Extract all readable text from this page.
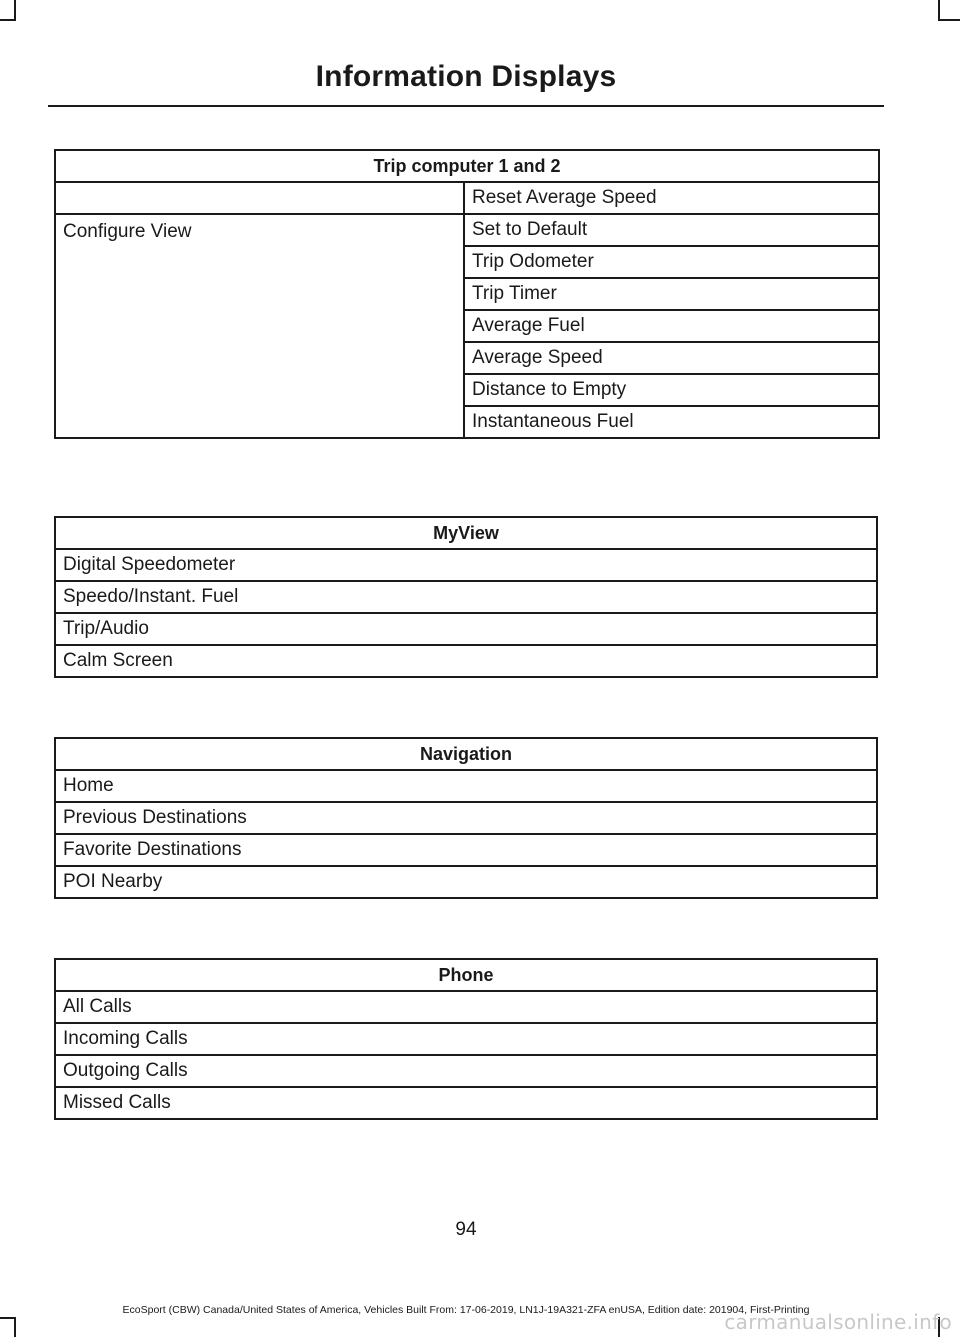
Information Displays
Trip computer 1 and 2	
	Reset Average Speed
Configure View	Set to Default
	Trip Odometer
	Trip Timer
	Average Fuel
	Average Speed
	Distance to Empty
	Instantaneous Fuel
MyView
Digital Speedometer
Speedo/Instant. Fuel
Trip/Audio
Calm Screen
Navigation
Home
Previous Destinations
Favorite Destinations
POI Nearby
Phone
All Calls
Incoming Calls
Outgoing Calls
Missed Calls
94
EcoSport (CBW) Canada/United States of America, Vehicles Built From: 17-06-2019, LN1J-19A321-ZFA enUSA, Edition date: 201904, First-Printing
carmanualsonline.info
